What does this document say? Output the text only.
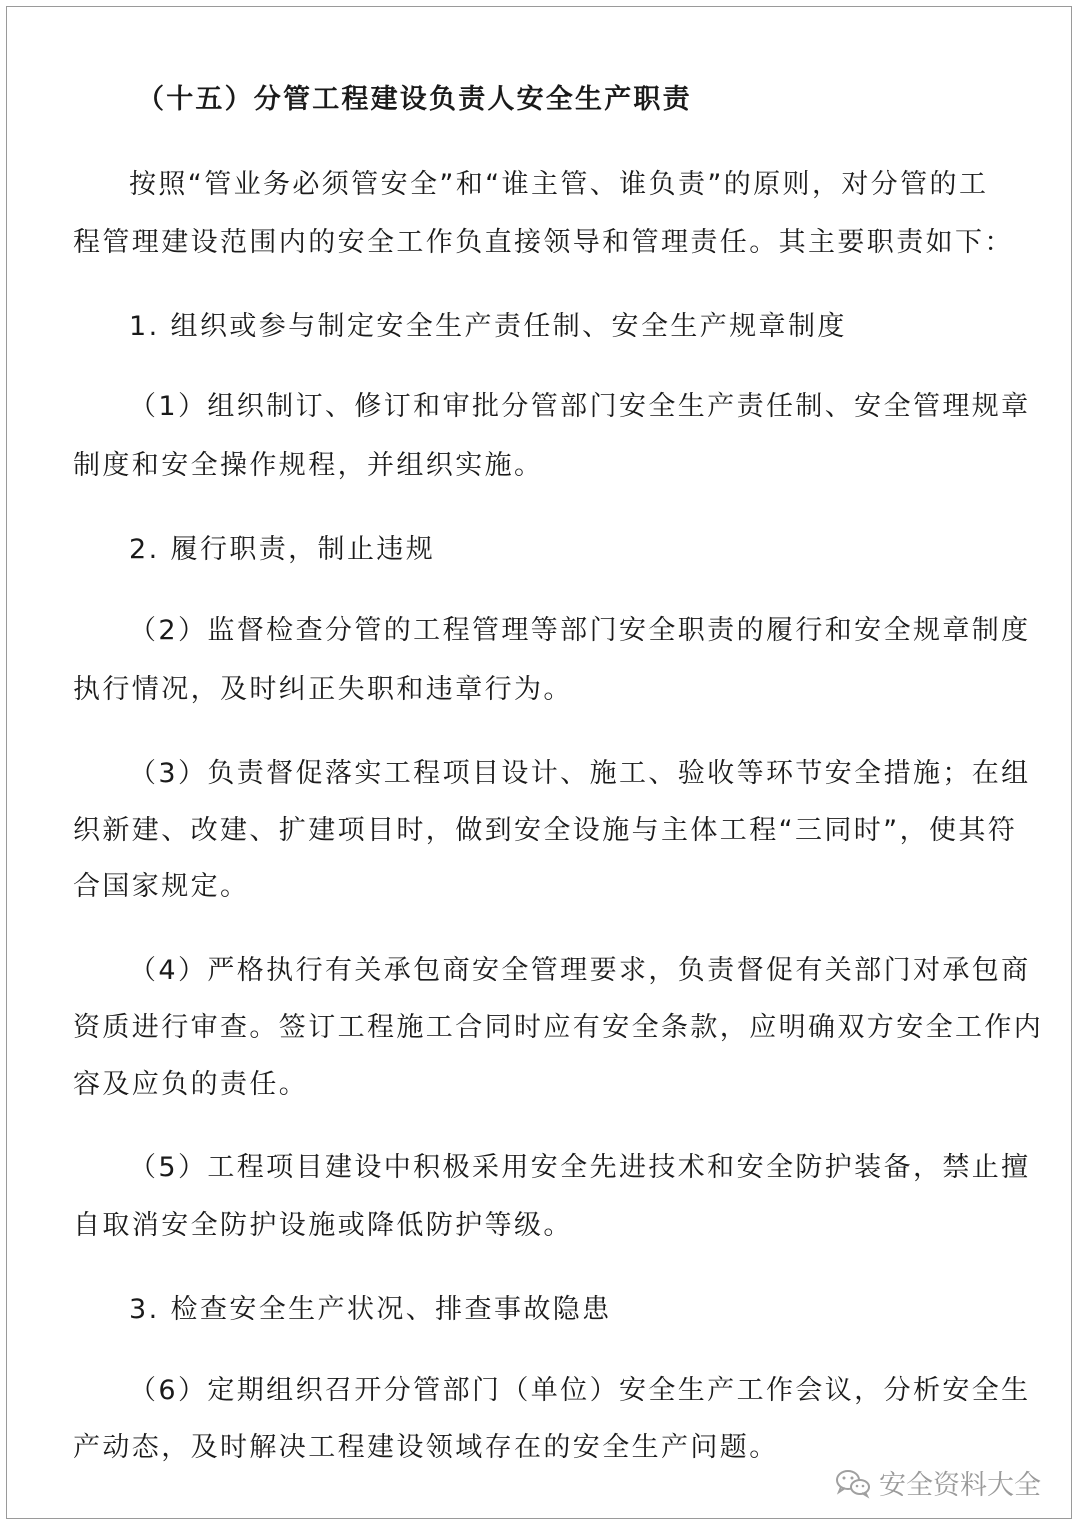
（十五）分管工程建设负责人安全生产职责
按照“管业务必须管安全”和“谁主管、谁负责”的原则，对分管的工
程管理建设范围内的安全工作负直接领导和管理责任。其主要职责如下：
1. 组织或参与制定安全生产责任制、安全生产规章制度
（1）组织制订、修订和审批分管部门安全生产责任制、安全管理规章
制度和安全操作规程，并组织实施。
2. 履行职责，制止违规
（2）监督检查分管的工程管理等部门安全职责的履行和安全规章制度
执行情况，及时纠正失职和违章行为。
（3）负责督促落实工程项目设计、施工、验收等环节安全措施；在组
织新建、改建、扩建项目时，做到安全设施与主体工程“三同时”，使其符
合国家规定。
（4）严格执行有关承包商安全管理要求，负责督促有关部门对承包商
资质进行审查。签订工程施工合同时应有安全条款，应明确双方安全工作内
容及应负的责任。
（5）工程项目建设中积极采用安全先进技术和安全防护装备，禁止擅
自取消安全防护设施或降低防护等级。
3. 检查安全生产状况、排查事故隐患
（6）定期组织召开分管部门（单位）安全生产工作会议，分析安全生
产动态，及时解决工程建设领域存在的安全生产问题。
安全资料大全
